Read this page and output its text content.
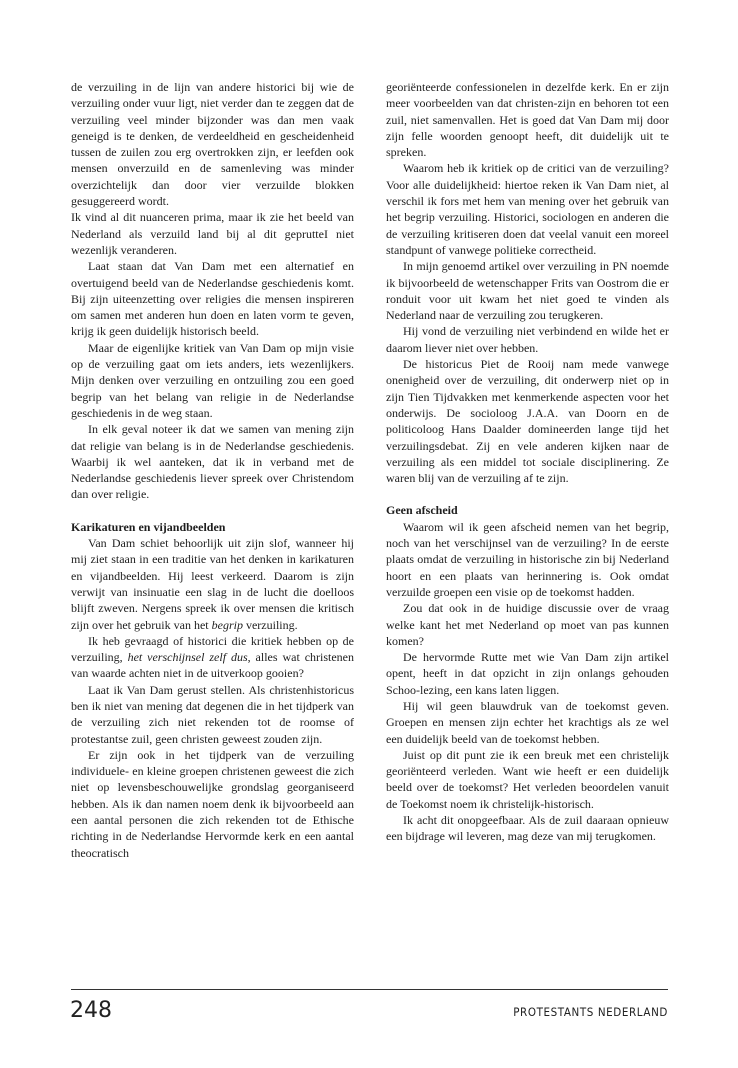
de verzuiling in de lijn van andere historici bij wie de verzuiling onder vuur ligt, niet verder dan te zeggen dat de verzuiling veel minder bijzonder was dan men vaak geneigd is te denken, de verdeeldheid en gescheidenheid tussen de zuilen zou erg overtrokken zijn, er leefden ook mensen onverzuild en de samenleving was minder overzichtelijk dan door vier verzuilde blokken gesuggereerd wordt.

Ik vind al dit nuanceren prima, maar ik zie het beeld van Nederland als verzuild land bij al dit geprutteI niet wezenlijk veranderen.

Laat staan dat Van Dam met een alternatief en overtuigend beeld van de Nederlandse geschiedenis komt. Bij zijn uiteenzetting over religies die mensen inspireren om samen met anderen hun doen en laten vorm te geven, krijg ik geen duidelijk historisch beeld.

Maar de eigenlijke kritiek van Van Dam op mijn visie op de verzuiling gaat om iets anders, iets wezenlijkers. Mijn denken over verzuiling en ontzuiling zou een goed begrip van het belang van religie in de Nederlandse geschiedenis in de weg staan.

In elk geval noteer ik dat we samen van mening zijn dat religie van belang is in de Nederlandse geschiedenis. Waarbij ik wel aanteken, dat ik in verband met de Nederlandse geschiedenis liever spreek over Christendom dan over religie.

Karikaturen en vijandbeelden

Van Dam schiet behoorlijk uit zijn slof, wanneer hij mij ziet staan in een traditie van het denken in karikaturen en vijandbeelden. Hij leest verkeerd. Daarom is zijn verwijt van insinuatie een slag in de lucht die doelloos blijft zweven. Nergens spreek ik over mensen die kritisch zijn over het gebruik van het begrip verzuiling.

Ik heb gevraagd of historici die kritiek hebben op de verzuiling, het verschijnsel zelf dus, alles wat christenen van waarde achten niet in de uitverkoop gooien?

Laat ik Van Dam gerust stellen. Als christenhistoricus ben ik niet van mening dat degenen die in het tijdperk van de verzuiling zich niet rekenden tot de roomse of protestantse zuil, geen christen geweest zouden zijn.

Er zijn ook in het tijdperk van de verzuiling individuele- en kleine groepen christenen geweest die zich niet op levensbeschouwelijke grondslag georganiseerd hebben. Als ik dan namen noem denk ik bijvoorbeeld aan een aantal personen die zich rekenden tot de Ethische richting in de Nederlandse Hervormde kerk en een aantal theocratisch

georiënteerde confessionelen in dezelfde kerk. En er zijn meer voorbeelden van dat christen-zijn en behoren tot een zuil, niet samenvallen. Het is goed dat Van Dam mij door zijn felle woorden genoopt heeft, dit duidelijk uit te spreken.

Waarom heb ik kritiek op de critici van de verzuiling? Voor alle duidelijkheid: hiertoe reken ik Van Dam niet, al verschil ik fors met hem van mening over het gebruik van het begrip verzuiling. Historici, sociologen en anderen die de verzuiling kritiseren doen dat veelal vanuit een moreel standpunt of vanwege politieke correctheid.

In mijn genoemd artikel over verzuiling in PN noemde ik bijvoorbeeld de wetenschapper Frits van Oostrom die er ronduit voor uit kwam het niet goed te vinden als Nederland naar de verzuiling zou terugkeren.

Hij vond de verzuiling niet verbindend en wilde het er daarom liever niet over hebben.

De historicus Piet de Rooij nam mede vanwege onenigheid over de verzuiling, dit onderwerp niet op in zijn Tien Tijdvakken met kenmerkende aspecten voor het onderwijs. De socioloog J.A.A. van Doorn en de politicoloog Hans Daalder domineerden lange tijd het verzuilingsdebat. Zij en vele anderen kijken naar de verzuiling als een middel tot sociale disciplinering. Ze waren blij van de verzuiling af te zijn.

Geen afscheid

Waarom wil ik geen afscheid nemen van het begrip, noch van het verschijnsel van de verzuiling? In de eerste plaats omdat de verzuiling in historische zin bij Nederland hoort en een plaats van herinnering is. Ook omdat verzuilde groepen een visie op de toekomst hadden.

Zou dat ook in de huidige discussie over de vraag welke kant het met Nederland op moet van pas kunnen komen?

De hervormde Rutte met wie Van Dam zijn artikel opent, heeft in dat opzicht in zijn onlangs gehouden Schoo-lezing, een kans laten liggen.

Hij wil geen blauwdruk van de toekomst geven. Groepen en mensen zijn echter het krachtigs als ze wel een duidelijk beeld van de toekomst hebben.

Juist op dit punt zie ik een breuk met een christelijk georiënteerd verleden. Want wie heeft er een duidelijk beeld over de toekomst? Het verleden beoordelen vanuit de Toekomst noem ik christelijk-historisch.

Ik acht dit onopgeefbaar. Als de zuil daaraan opnieuw een bijdrage wil leveren, mag deze van mij terugkomen.

248	PROTESTANTS NEDERLAND
